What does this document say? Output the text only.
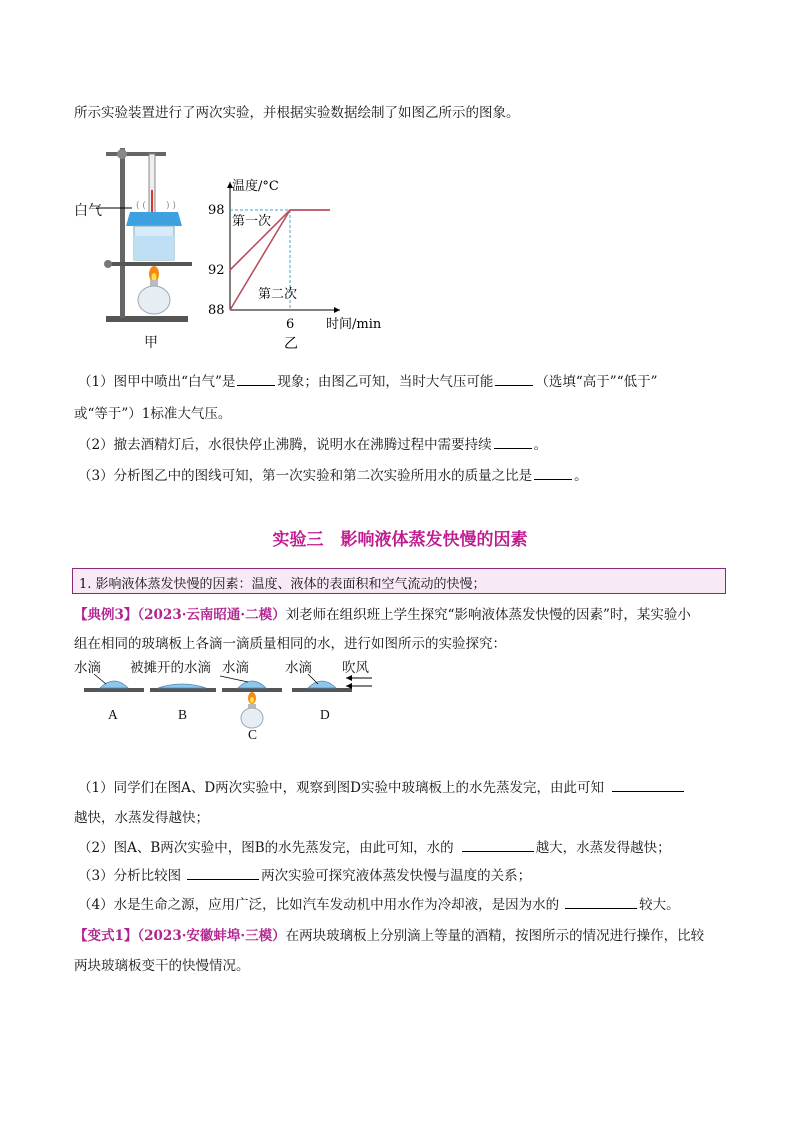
所示实验装置进行了两次实验，并根据实验数据绘制了如图乙所示的图象。
( ( ) )
白气
甲
温度/°C
时间/min
98
92
88
6
第一次
第二次
乙
（1）图甲中喷出“白气”是	现象；由图乙可知，当时大气压可能	（选填“高于”“低于”
或“等于”）1标准大气压。
（2）撤去酒精灯后，水很快停止沸腾，说明水在沸腾过程中需要持续	。
（3）分析图乙中的图线可知，第一次实验和第二次实验所用水的质量之比是	。
实验三　影响液体蒸发快慢的因素
1. 影响液体蒸发快慢的因素：温度、液体的表面积和空气流动的快慢；
【典例3】（2023·云南昭通·二模）刘老师在组织班上学生探究“影响液体蒸发快慢的因素”时，某实验小
组在相同的玻璃板上各滴一滴质量相同的水，进行如图所示的实验探究：
水滴 被摊开的水滴 水滴	水滴 吹风
A	B
C
D
（1）同学们在图A、D两次实验中，观察到图D实验中玻璃板上的水先蒸发完，由此可知
越快，水蒸发得越快；
（2）图A、B两次实验中，图B的水先蒸发完，由此可知，水的	越大，水蒸发得越快；
（3）分析比较图	两次实验可探究液体蒸发快慢与温度的关系；
（4）水是生命之源，应用广泛，比如汽车发动机中用水作为冷却液，是因为水的	较大。
【变式1】（2023·安徽蚌埠·三模）在两块玻璃板上分别滴上等量的酒精，按图所示的情况进行操作，比较
两块玻璃板变干的快慢情况。
